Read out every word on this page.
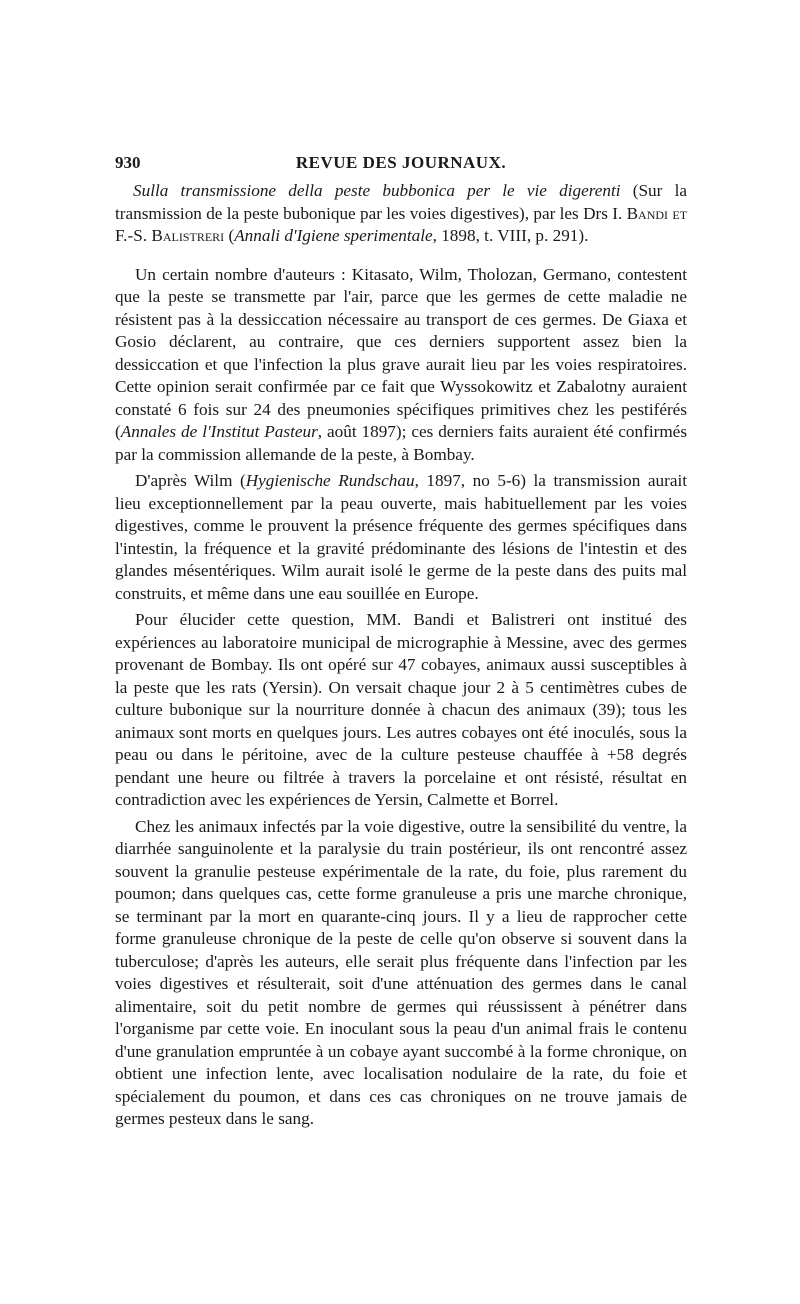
930	REVUE DES JOURNAUX.
Sulla transmissione della peste bubbonica per le vie digerenti (Sur la transmission de la peste bubonique par les voies digestives), par les Drs I. Bandi et F.-S. Balistreri (Annali d'Igiene sperimentale, 1898, t. VIII, p. 291).

Un certain nombre d'auteurs : Kitasato, Wilm, Tholozan, Germano, contestent que la peste se transmette par l'air, parce que les germes de cette maladie ne résistent pas à la dessiccation nécessaire au transport de ces germes. De Giaxa et Gosio déclarent, au contraire, que ces derniers supportent assez bien la dessiccation et que l'infection la plus grave aurait lieu par les voies respiratoires. Cette opinion serait confirmée par ce fait que Wyssokowitz et Zabalotny auraient constaté 6 fois sur 24 des pneumonies spécifiques primitives chez les pestiférés (Annales de l'Institut Pasteur, août 1897); ces derniers faits auraient été confirmés par la commission allemande de la peste, à Bombay.

D'après Wilm (Hygienische Rundschau, 1897, no 5-6) la transmission aurait lieu exceptionnellement par la peau ouverte, mais habituellement par les voies digestives, comme le prouvent la présence fréquente des germes spécifiques dans l'intestin, la fréquence et la gravité prédominante des lésions de l'intestin et des glandes mésentériques. Wilm aurait isolé le germe de la peste dans des puits mal construits, et même dans une eau souillée en Europe.

Pour élucider cette question, MM. Bandi et Balistreri ont institué des expériences au laboratoire municipal de micrographie à Messine, avec des germes provenant de Bombay. Ils ont opéré sur 47 cobayes, animaux aussi susceptibles à la peste que les rats (Yersin). On versait chaque jour 2 à 5 centimètres cubes de culture bubonique sur la nourriture donnée à chacun des animaux (39); tous les animaux sont morts en quelques jours. Les autres cobayes ont été inoculés, sous la peau ou dans le péritoine, avec de la culture pesteuse chauffée à +58 degrés pendant une heure ou filtrée à travers la porcelaine et ont résisté, résultat en contradiction avec les expériences de Yersin, Calmette et Borrel.

Chez les animaux infectés par la voie digestive, outre la sensibilité du ventre, la diarrhée sanguinolente et la paralysie du train postérieur, ils ont rencontré assez souvent la granulie pesteuse expérimentale de la rate, du foie, plus rarement du poumon; dans quelques cas, cette forme granuleuse a pris une marche chronique, se terminant par la mort en quarante-cinq jours. Il y a lieu de rapprocher cette forme granuleuse chronique de la peste de celle qu'on observe si souvent dans la tuberculose; d'après les auteurs, elle serait plus fréquente dans l'infection par les voies digestives et résulterait, soit d'une atténuation des germes dans le canal alimentaire, soit du petit nombre de germes qui réussissent à pénétrer dans l'organisme par cette voie. En inoculant sous la peau d'un animal frais le contenu d'une granulation empruntée à un cobaye ayant succombé à la forme chronique, on obtient une infection lente, avec localisation nodulaire de la rate, du foie et spécialement du poumon, et dans ces cas chroniques on ne trouve jamais de germes pesteux dans le sang.
